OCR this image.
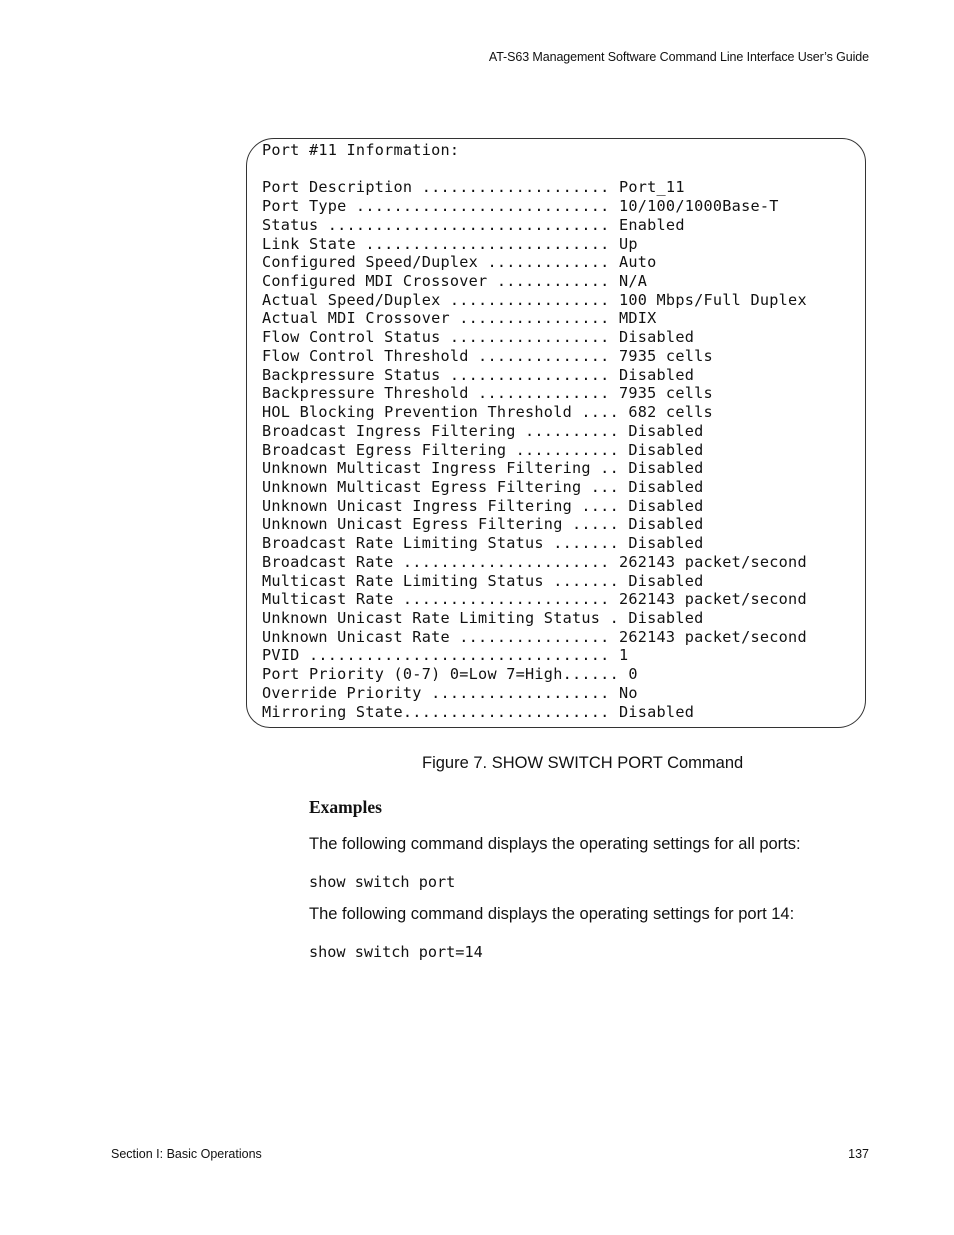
AT-S63 Management Software Command Line Interface User’s Guide
Port #11 Information:

Port Description .................... Port_11
Port Type ........................... 10/100/1000Base-T
Status .............................. Enabled
Link State .......................... Up
Configured Speed/Duplex ............. Auto
Configured MDI Crossover ............ N/A
Actual Speed/Duplex ................. 100 Mbps/Full Duplex
Actual MDI Crossover ................ MDIX
Flow Control Status ................. Disabled
Flow Control Threshold .............. 7935 cells
Backpressure Status ................. Disabled
Backpressure Threshold .............. 7935 cells
HOL Blocking Prevention Threshold .... 682 cells
Broadcast Ingress Filtering .......... Disabled
Broadcast Egress Filtering ........... Disabled
Unknown Multicast Ingress Filtering .. Disabled
Unknown Multicast Egress Filtering ... Disabled
Unknown Unicast Ingress Filtering .... Disabled
Unknown Unicast Egress Filtering ..... Disabled
Broadcast Rate Limiting Status ....... Disabled
Broadcast Rate ...................... 262143 packet/second
Multicast Rate Limiting Status ....... Disabled
Multicast Rate ...................... 262143 packet/second
Unknown Unicast Rate Limiting Status . Disabled
Unknown Unicast Rate ................ 262143 packet/second
PVID ................................ 1
Port Priority (0-7) 0=Low 7=High...... 0
Override Priority ................... No
Mirroring State...................... Disabled
Figure 7. SHOW SWITCH PORT Command
Examples
The following command displays the operating settings for all ports:
show switch port
The following command displays the operating settings for port 14:
show switch port=14
Section I: Basic Operations	137
